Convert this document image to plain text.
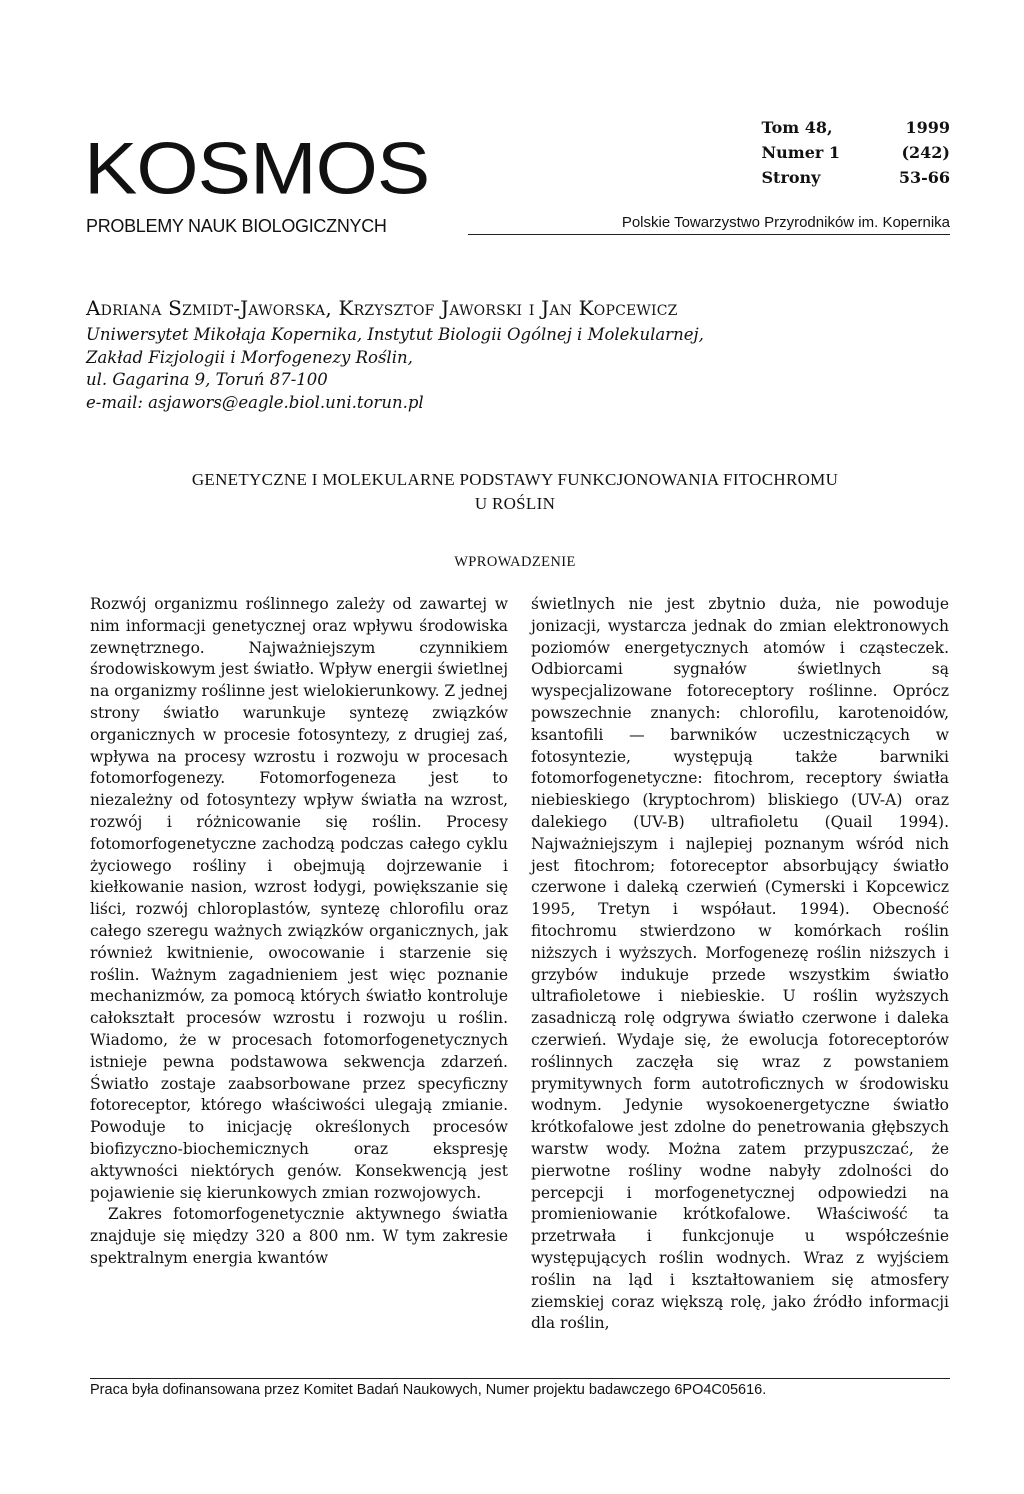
KOSMOS
PROBLEMY NAUK BIOLOGICZNYCH	Polskie Towarzystwo Przyrodników im. Kopernika
Tom 48,	1999
Numer 1	(242)
Strony	53-66
Adriana Szmidt-Jaworska, Krzysztof Jaworski i Jan Kopcewicz
Uniwersytet Mikołaja Kopernika, Instytut Biologii Ogólnej i Molekularnej,
Zakład Fizjologii i Morfogenezy Roślin,
ul. Gagarina 9, Toruń 87-100
e-mail: asjawors@eagle.biol.uni.torun.pl
GENETYCZNE I MOLEKULARNE PODSTAWY FUNKCJONOWANIA FITOCHROMU
U ROŚLIN
WPROWADZENIE

Rozwój organizmu roślinnego zależy od zawartej w nim informacji genetycznej oraz wpływu środowiska zewnętrznego. Najważniejszym czynnikiem środowiskowym jest światło. Wpływ energii świetlnej na organizmy roślinne jest wielokierunkowy. Z jednej strony światło warunkuje syntezę związków organicznych w procesie fotosyntezy, z drugiej zaś, wpływa na procesy wzrostu i rozwoju w procesach fotomorfogenezy. Fotomorfogeneza jest to niezależny od fotosyntezy wpływ światła na wzrost, rozwój i różnicowanie się roślin. Procesy fotomorfogenetyczne zachodzą podczas całego cyklu życiowego rośliny i obejmują dojrzewanie i kiełkowanie nasion, wzrost łodygi, powiększanie się liści, rozwój chloroplastów, syntezę chlorofilu oraz całego szeregu ważnych związków organicznych, jak również kwitnienie, owocowanie i starzenie się roślin. Ważnym zagadnieniem jest więc poznanie mechanizmów, za pomocą których światło kontroluje całokształt procesów wzrostu i rozwoju u roślin. Wiadomo, że w procesach fotomorfogenetycznych istnieje pewna podstawowa sekwencja zdarzeń. Światło zostaje zaabsorbowane przez specyficzny fotoreceptor, którego właściwości ulegają zmianie. Powoduje to inicjację określonych procesów biofizyczno-biochemicznych oraz ekspresję aktywności niektórych genów. Konsekwencją jest pojawienie się kierunkowych zmian rozwojowych.

Zakres fotomorfogenetycznie aktywnego światła znajduje się między 320 a 800 nm. W tym zakresie spektralnym energia kwantów

świetlnych nie jest zbytnio duża, nie powoduje jonizacji, wystarcza jednak do zmian elektronowych poziomów energetycznych atomów i cząsteczek. Odbiorcami sygnałów świetlnych są wyspecjalizowane fotoreceptory roślinne. Oprócz powszechnie znanych: chlorofilu, karotenoidów, ksantofili — barwników uczestniczących w fotosyntezie, występują także barwniki fotomorfogenetyczne: fitochrom, receptory światła niebieskiego (kryptochrom) bliskiego (UV-A) oraz dalekiego (UV-B) ultrafioletu (Quail 1994). Najważniejszym i najlepiej poznanym wśród nich jest fitochrom; fotoreceptor absorbujący światło czerwone i daleką czerwień (Cymerski i Kopcewicz 1995, Tretyn i współaut. 1994). Obecność fitochromu stwierdzono w komórkach roślin niższych i wyższych. Morfogenezę roślin niższych i grzybów indukuje przede wszystkim światło ultrafioletowe i niebieskie. U roślin wyższych zasadniczą rolę odgrywa światło czerwone i daleka czerwień. Wydaje się, że ewolucja fotoreceptorów roślinnych zaczęła się wraz z powstaniem prymitywnych form autotroficznych w środowisku wodnym. Jedynie wysokoenergetyczne światło krótkofalowe jest zdolne do penetrowania głębszych warstw wody. Można zatem przypuszczać, że pierwotne rośliny wodne nabyły zdolności do percepcji i morfogenetycznej odpowiedzi na promieniowanie krótkofalowe. Właściwość ta przetrwała i funkcjonuje u współcześnie występujących roślin wodnych. Wraz z wyjściem roślin na ląd i kształtowaniem się atmosfery ziemskiej coraz większą rolę, jako źródło informacji dla roślin,

Praca była dofinansowana przez Komitet Badań Naukowych, Numer projektu badawczego 6PO4C05616.
